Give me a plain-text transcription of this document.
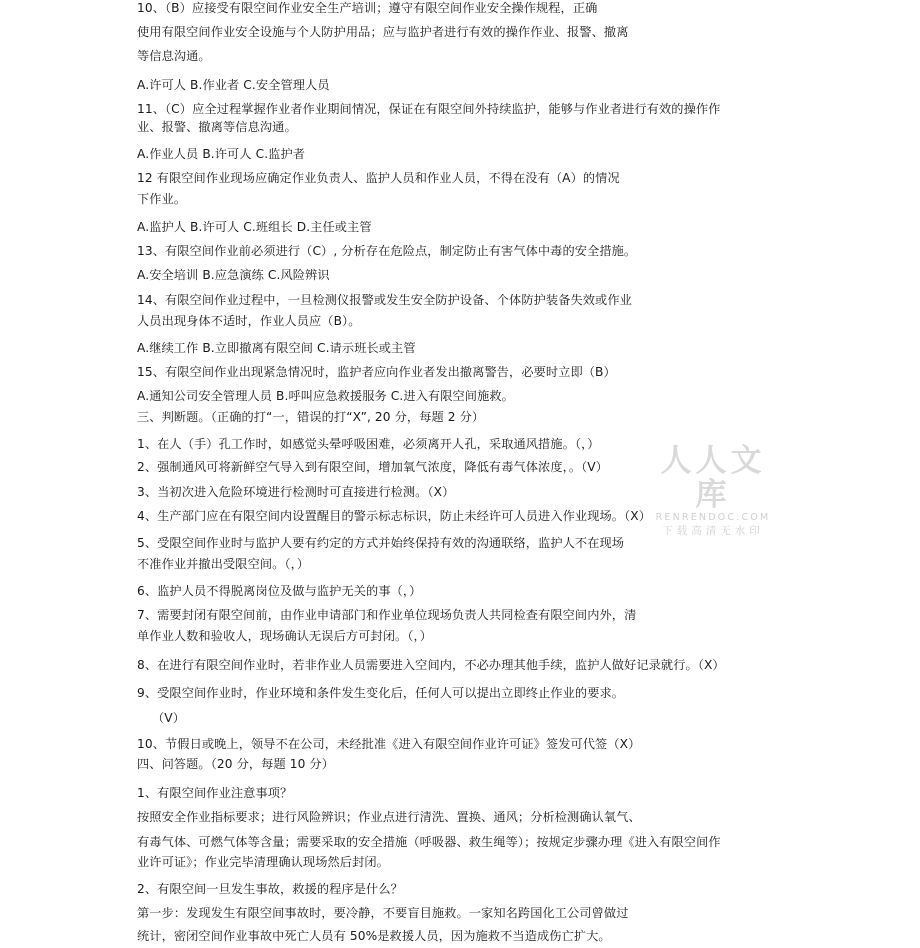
10、（B）应接受有限空间作业安全生产培训；遵守有限空间作业安全操作规程，正确
使用有限空间作业安全设施与个人防护用品；应与监护者进行有效的操作作业、报警、撤离
等信息沟通。
A.许可人 B.作业者 C.安全管理人员
11、（C）应全过程掌握作业者作业期间情况，保证在有限空间外持续监护，能够与作业者进行有效的操作作
业、报警、撤离等信息沟通。
A.作业人员 B.许可人 C.监护者
12 有限空间作业现场应确定作业负责人、监护人员和作业人员，不得在没有（A）的情况
下作业。
A.监护人 B.许可人 C.班组长 D.主任或主管
13、有限空间作业前必须进行（C）, 分析存在危险点，制定防止有害气体中毒的安全措施。
A.安全培训 B.应急演练 C.风险辨识
14、有限空间作业过程中，一旦检测仪报警或发生安全防护设备、个体防护装备失效或作业
人员出现身体不适时，作业人员应（B）。
A.继续工作 B.立即撤离有限空间 C.请示班长或主管
15、有限空间作业出现紧急情况时，监护者应向作业者发出撤离警告，必要时立即（B）
A.通知公司安全管理人员 B.呼叫应急救援服务 C.进入有限空间施救。
三、判断题。（正确的打“一，错误的打“X”, 20 分，每题 2 分）
1、在人（手）孔工作时，如感觉头晕呼吸困难，必须离开人孔，采取通风措施。（，）
2、强制通风可将新鲜空气导入到有限空间，增加氧气浓度，降低有毒气体浓度，。（V）
3、当初次进入危险环境进行检测时可直接进行检测。（X）
4、生产部门应在有限空间内设置醒目的警示标志标识，防止未经许可人员进入作业现场。（X）
5、受限空间作业时与监护人要有约定的方式并始终保持有效的沟通联络，监护人不在现场
不准作业并撤出受限空间。（，）
6、监护人员不得脱离岗位及做与监护无关的事（，）
7、需要封闭有限空间前，由作业申请部门和作业单位现场负责人共同检查有限空间内外，清
单作业人数和验收人，现场确认无误后方可封闭。（，）
8、在进行有限空间作业时，若非作业人员需要进入空间内，不必办理其他手续，监护人做好记录就行。（X）
9、受限空间作业时，作业环境和条件发生变化后，任何人可以提出立即终止作业的要求。
（V）
10、节假日或晚上，领导不在公司，未经批准《进入有限空间作业许可证》签发可代签（X）
四、问答题。（20 分，每题 10 分）
1、有限空间作业注意事项？
按照安全作业指标要求；进行风险辨识；作业点进行清洗、置换、通风；分析检测确认氧气、
有毒气体、可燃气体等含量；需要采取的安全措施（呼吸器、救生绳等）；按规定步骤办理《进入有限空间作
业许可证》；作业完毕清理确认现场然后封闭。
2、有限空间一旦发生事故，救援的程序是什么？
第一步：发现发生有限空间事故时，要冷静，不要盲目施救。一家知名跨国化工公司曾做过
统计，密闭空间作业事故中死亡人员有 50%是救援人员，因为施救不当造成伤亡扩大。
人人文库
RENRENDOC.COM
下载高清无水印
